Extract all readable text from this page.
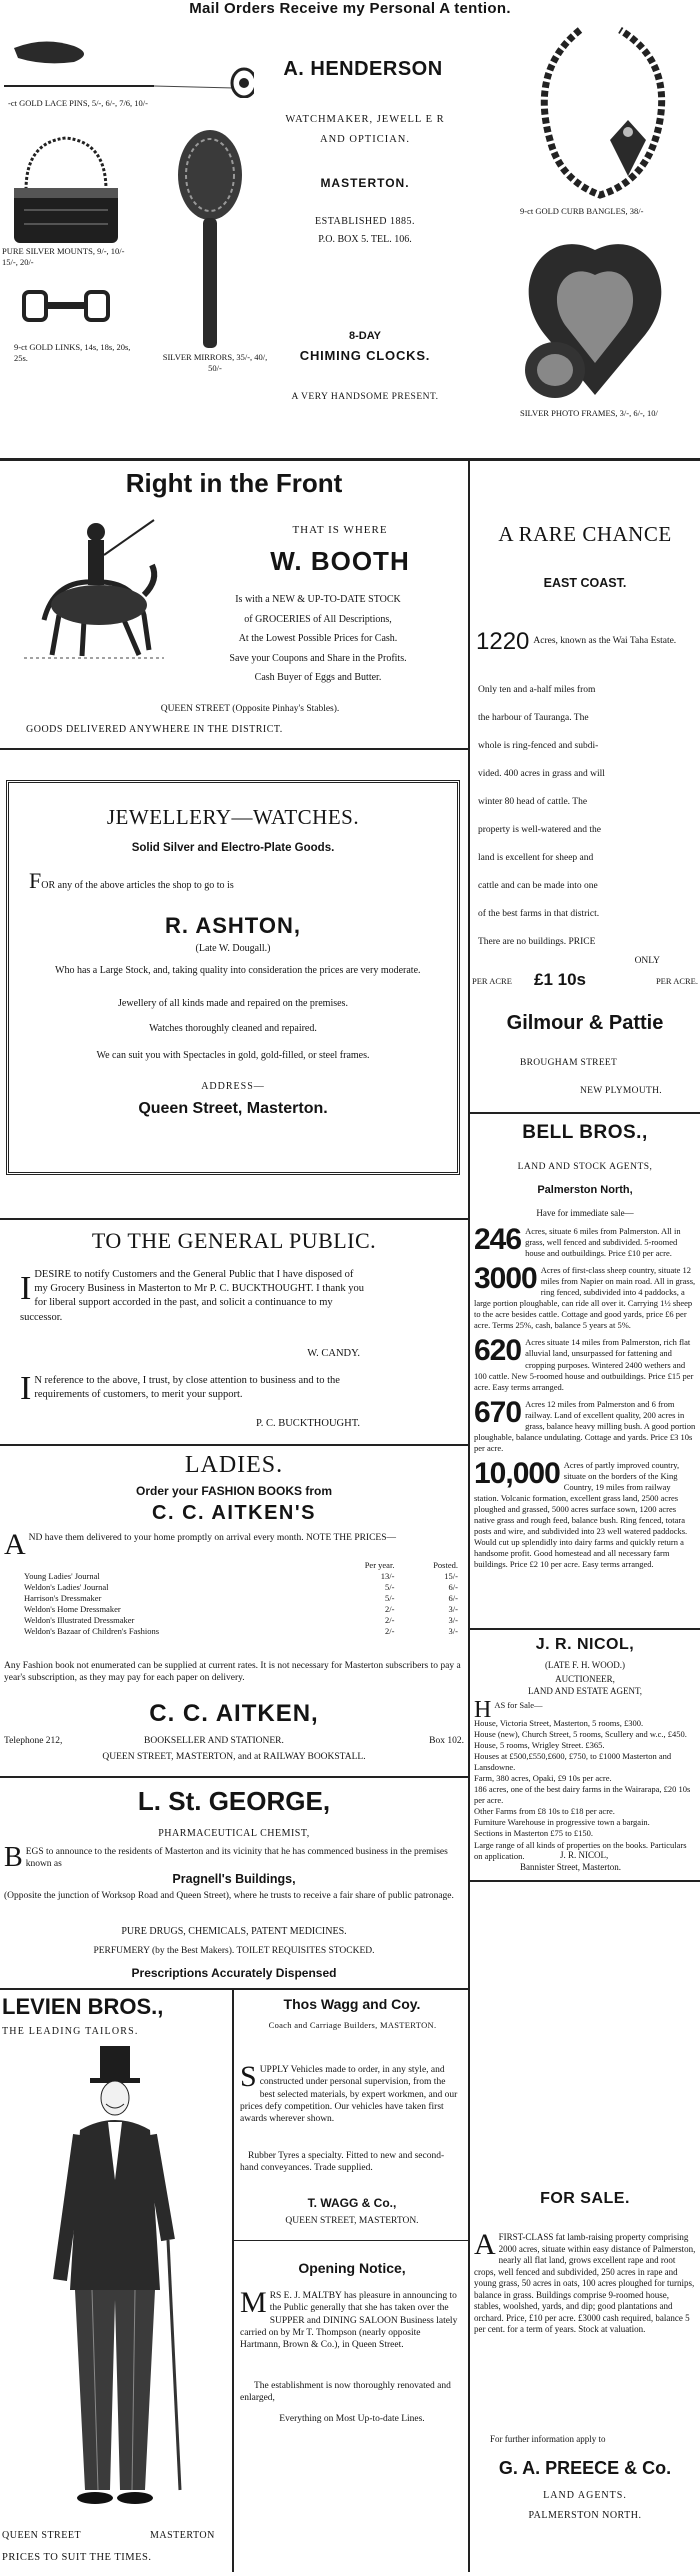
Mail Orders Receive my Personal A tention.
-ct GOLD LACE PINS, 5/-, 6/-, 7/6, 10/-
PURE SILVER MOUNTS, 9/-, 10/- 15/-, 20/-
9-ct GOLD LINKS, 14s, 18s, 20s, 25s.	SILVER MIRRORS, 35/-, 40/, 50/-
A. HENDERSON
WATCHMAKER, JEWELL E R AND OPTICIAN.
MASTERTON.
ESTABLISHED 1885.
P.O. BOX 5. TEL. 106.
8-DAY
CHIMING CLOCKS.
A VERY HANDSOME PRESENT.
9-ct GOLD CURB BANGLES, 38/-
SILVER PHOTO FRAMES, 3/-, 6/-, 10/
Right in the Front
THAT IS WHERE
W. BOOTH
Is with a NEW & UP-TO-DATE STOCK
of GROCERIES of All Descriptions,
At the Lowest Possible Prices for Cash.
Save your Coupons and Share in the Profits.
Cash Buyer of Eggs and Butter.
QUEEN STREET (Opposite Pinhay's Stables).
GOODS DELIVERED ANYWHERE IN THE DISTRICT.
JEWELLERY—WATCHES.
Solid Silver and Electro-Plate Goods.
FOR any of the above articles the shop to go to is
R. ASHTON,
(Late W. Dougall.)
Who has a Large Stock, and, taking quality into consideration the prices are very moderate.
Jewellery of all kinds made and repaired on the premises.
Watches thoroughly cleaned and repaired.
We can suit you with Spectacles in gold, gold-filled, or steel frames.
ADDRESS—
Queen Street, Masterton.
TO THE GENERAL PUBLIC.
IDESIRE to notify Customers and the General Public that I have disposed of my Grocery Business in Masterton to Mr P. C. BUCKTHOUGHT. I thank you for liberal support accorded in the past, and solicit a continuance to my successor.
W. CANDY.
I N reference to the above, I trust, by close attention to business and to the requirements of customers, to merit your support.
P. C. BUCKTHOUGHT.
LADIES.
Order your FASHION BOOKS from
C. C. AITKEN'S
AND have them delivered to your home promptly on arrival every month. NOTE THE PRICES—
	Per year.	Posted.
Young Ladies' Journal	13/-	15/-
Weldon's Ladies' Journal	5/-	6/-
Harrison's Dressmaker	5/-	6/-
Weldon's Home Dressmaker	2/-	3/-
Weldon's Illustrated Dressmaker	2/-	3/-
Weldon's Bazaar of Children's Fashions	2/-	3/-
Any Fashion book not enumerated can be supplied at current rates. It is not necessary for Masterton subscribers to pay a year's subscription, as they may pay for each paper on delivery.
C. C. AITKEN,
Telephone 212,	BOOKSELLER AND STATIONER.	Box 102.
QUEEN STREET, MASTERTON, and at RAILWAY BOOKSTALL.
L. St. GEORGE,
PHARMACEUTICAL CHEMIST,
BEGS to announce to the residents of Masterton and its vicinity that he has commenced business in the premises known as
Pragnell's Buildings,
(Opposite the junction of Worksop Road and Queen Street), where he trusts to receive a fair share of public patronage.
PURE DRUGS, CHEMICALS, PATENT MEDICINES.
PERFUMERY (by the Best Makers). TOILET REQUISITES STOCKED.
Prescriptions Accurately Dispensed
LEVIEN BROS.,
THE LEADING TAILORS.
QUEEN STREET	MASTERTON
PRICES TO SUIT THE TIMES.
Thos Wagg and Coy.
Coach and Carriage Builders, MASTERTON.
SUPPLY Vehicles made to order, in any style, and constructed under personal supervision, from the best selected materials, by expert workmen, and our prices defy competition. Our vehicles have taken first awards wherever shown.
Rubber Tyres a specialty. Fitted to new and second-hand conveyances. Trade supplied.
T. WAGG & Co.,
QUEEN STREET, MASTERTON.
Opening Notice,
MRS E. J. MALTBY has pleasure in announcing to the Public generally that she has taken over the SUPPER and DINING SALOON Business lately carried on by Mr T. Thompson (nearly opposite Hartmann, Brown & Co.), in Queen Street.
The establishment is now thoroughly renovated and enlarged,
Everything on Most Up-to-date Lines.
A RARE CHANCE
EAST COAST.
1220 Acres, known as the Wai Taha Estate.
Only ten and a-half miles from
the harbour of Tauranga. The
whole is ring-fenced and subdi-
vided. 400 acres in grass and will
winter 80 head of cattle. The
property is well-watered and the
land is excellent for sheep and
cattle and can be made into one
of the best farms in that district.
There are no buildings. PRICE
ONLY
PER ACRE £1 10s	PER ACRE.
Gilmour & Pattie
BROUGHAM STREET
NEW PLYMOUTH.
BELL BROS.,
LAND AND STOCK AGENTS,
Palmerston North,
Have for immediate sale—
246 Acres, situate 6 miles from Palmerston. All in grass, well fenced and subdivided. 5-roomed house and outbuildings. Price £10 per acre.
3000 Acres of first-class sheep country, situate 12 miles from Napier on main road. All in grass, ring fenced, subdivided into 4 paddocks, a large portion ploughable, can ride all over it. Carrying 1½ sheep to the acre besides cattle. Cottage and good yards, price £6 per acre. Terms 25%, cash, balance 5 years at 5%.
620 Acres situate 14 miles from Palmerston, rich flat alluvial land, unsurpassed for fattening and cropping purposes. Wintered 2400 wethers and 100 cattle. New 5-roomed house and outbuildings. Price £15 per acre. Easy terms arranged.
670 Acres 12 miles from Palmerston and 6 from railway. Land of excellent quality, 200 acres in grass, balance heavy milling bush. A good portion ploughable, balance undulating. Cottage and yards. Price £3 10s per acre.
10,000 Acres of partly improved country, situate on the borders of the King Country, 19 miles from railway station. Volcanic formation, excellent grass land, 2500 acres ploughed and grassed, 5000 acres surface sown, 1200 acres native grass and rough feed, balance bush. Ring fenced, totara posts and wire, and subdivided into 23 well watered paddocks. Would cut up splendidly into dairy farms and quickly return a handsome profit. Good homestead and all necessary farm buildings. Price £2 10 per acre. Easy terms arranged.
J. R. NICOL,
(LATE F. H. WOOD.)
AUCTIONEER,
LAND AND ESTATE AGENT,
HAS for Sale—
House, Victoria Street, Masterton, 5 rooms, £300.
House (new), Church Street, 5 rooms, Scullery and w.c., £450.
House, 5 rooms, Wrigley Street. £365.
Houses at £500,£550,£600, £750, to £1000 Masterton and Lansdowne.
Farm, 380 acres, Opaki, £9 10s per acre.
186 acres, one of the best dairy farms in the Wairarapa, £20 10s per acre.
Other Farms from £8 10s to £18 per acre.
Furniture Warehouse in progressive town a bargain.
Sections in Masterton £75 to £150.
Large range of all kinds of properties on the books. Particulars on application.	J. R. NICOL,
Bannister Street, Masterton.
FOR SALE.
AFIRST-CLASS fat lamb-raising property comprising 2000 acres, situate within easy distance of Palmerston, nearly all flat land, grows excellent rape and root crops, well fenced and subdivided, 250 acres in rape and young grass, 50 acres in oats, 100 acres ploughed for turnips, balance in grass. Buildings comprise 9-roomed house, stables, woolshed, yards, and dip; good plantations and orchard. Price, £10 per acre. £3000 cash required, balance 5 per cent. for a term of years. Stock at valuation.
For further information apply to
G. A. PREECE & Co.
LAND AGENTS.
PALMERSTON NORTH.
